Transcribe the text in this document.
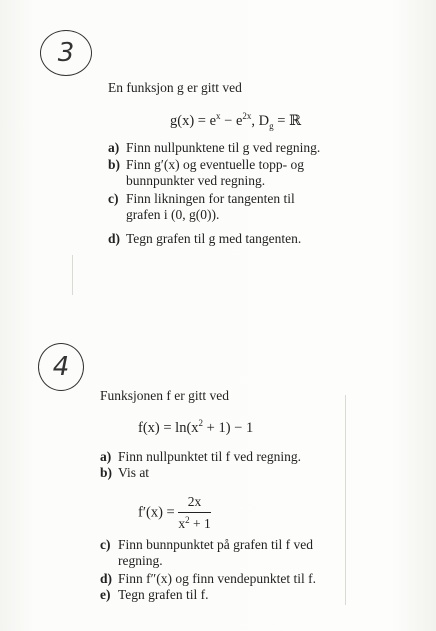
3
En funksjon g er gitt ved
$g(x) = e^x - e^{2x}$, $D_g$ = ℝ
a) Finn nullpunktene til g ved regning.
b) Finn g′(x) og eventuelle topp- og bunnpunkter ved regning.
c) Finn likningen for tangenten til grafen i (0, g(0)).
d) Tegn grafen til g med tangenten.
4
Funksjonen f er gitt ved
$f(x) = \ln(x^2 + 1) - 1$
a) Finn nullpunktet til f ved regning.
b) Vis at
$f'(x) = \frac{2x}{x^2 + 1}$
c) Finn bunnpunktet på grafen til f ved regning.
d) Finn f″(x) og finn vendepunktet til f.
e) Tegn grafen til f.
